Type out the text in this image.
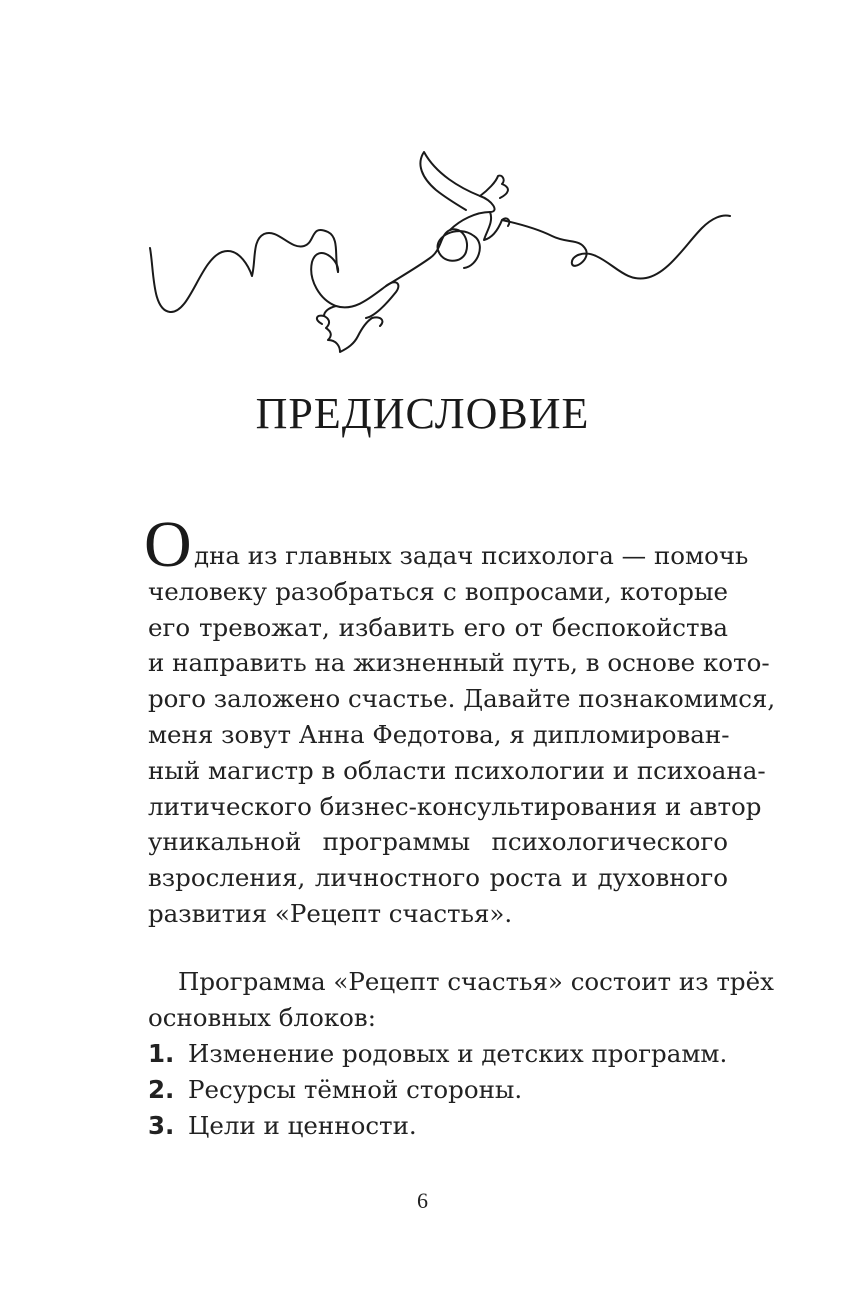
ПРЕДИСЛОВИЕ
О дна из главных задач психолога — помочь
человеку разобраться с вопросами, которые
его тревожат, избавить его от беспокойства
и направить на жизненный путь, в основе кото-
рого заложено счастье. Давайте познакомимся,
меня зовут Анна Федотова, я дипломирован-
ный магистр в области психологии и психоана-
литического бизнес-консультирования и автор
уникальной программы психологического
взросления, личностного роста и духовного
развития «Рецепт счастья».
Программа «Рецепт счастья» состоит из трёх
основных блоков:
1. Изменение родовых и детских программ.
2. Ресурсы тёмной стороны.
3. Цели и ценности.
6
